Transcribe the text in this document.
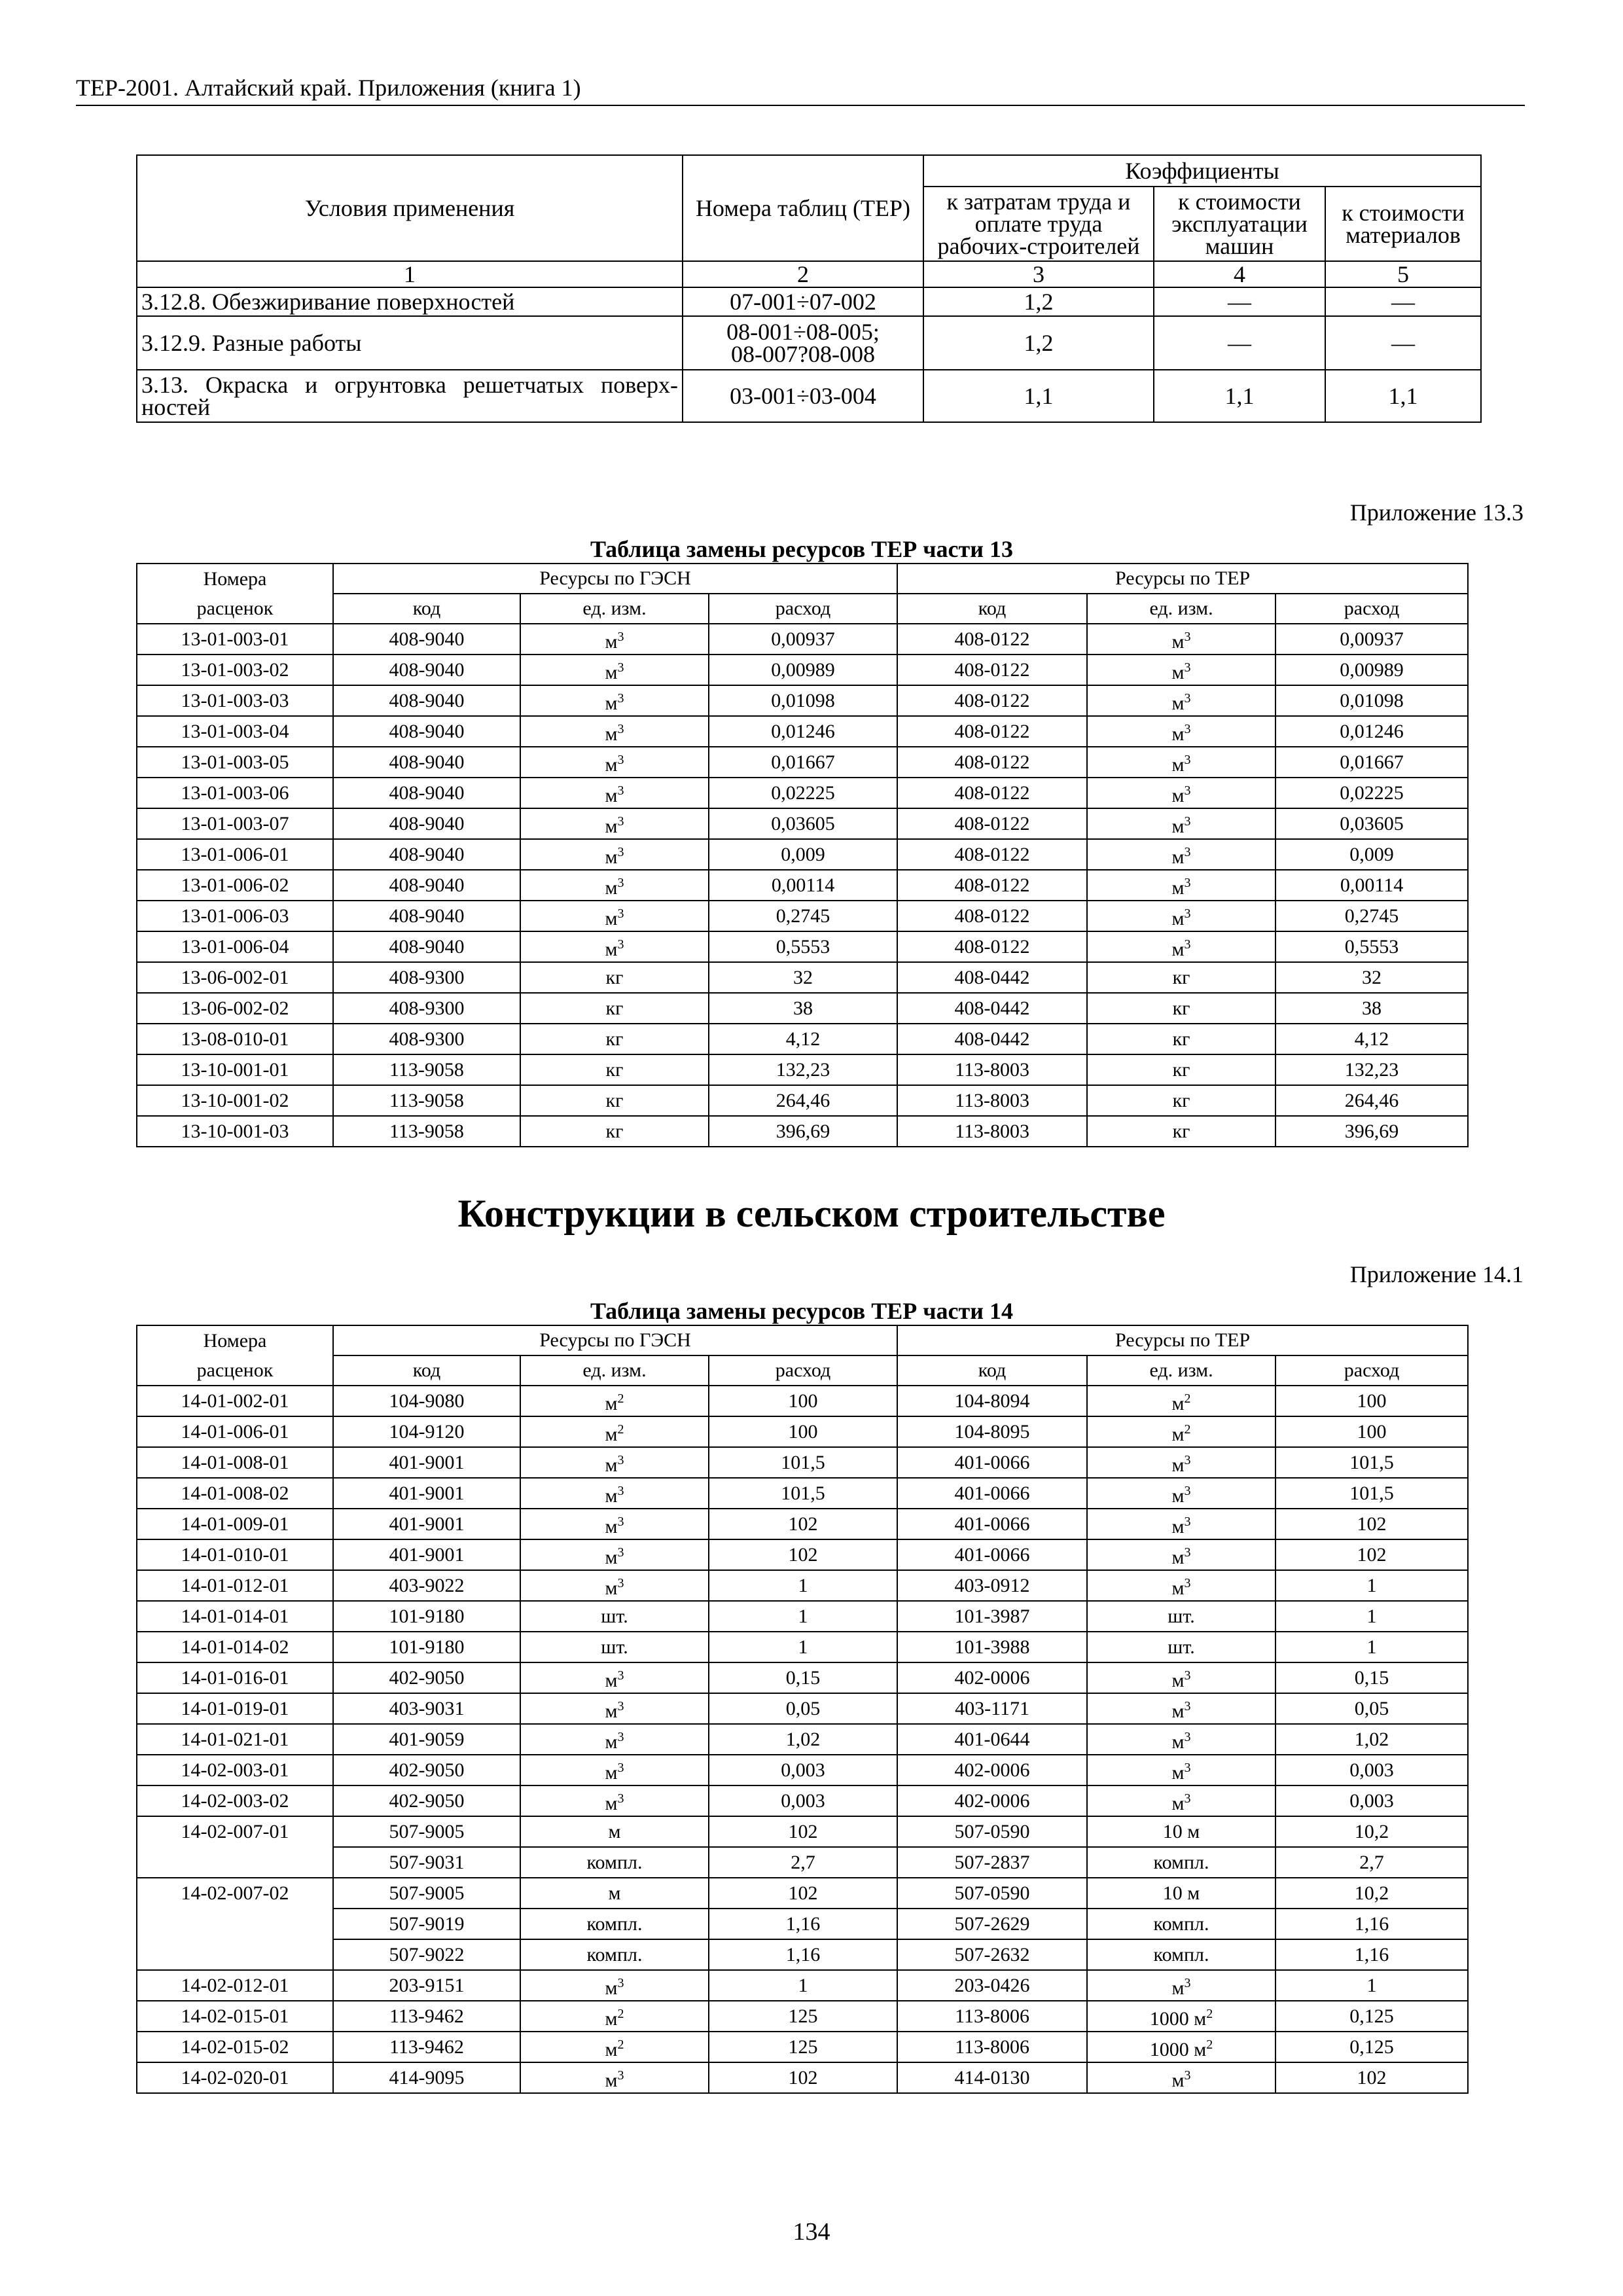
ТЕР-2001. Алтайский край. Приложения (книга 1)
Условия применения	Номера таблиц (ТЕР)	Коэффициенты		
		к затратам труда и оплате труда рабочих-строителей	к стоимости эксплуатации машин	к стоимости материалов
1	2	3	4	5
3.12.8. Обезжиривание поверхностей	07-001÷07-002	1,2	—	—
3.12.9. Разные работы	08-001÷08-005;
08-007?08-008	1,2	—	—
3.13. Окраска и огрунтовка решетчатых поверх-ностей	03-001÷03-004	1,1	1,1	1,1
Приложение 13.3
Таблица замены ресурсов ТЕР части 13
Номера	Ресурсы по ГЭСН			Ресурсы по ТЕР		
расценок	код	ед. изм.	расход	код	ед. изм.	расход
13-01-003-01	408-9040	$м^3$	0,00937	408-0122	$м^3$	0,00937
13-01-003-02	408-9040	$м^3$	0,00989	408-0122	$м^3$	0,00989
13-01-003-03	408-9040	$м^3$	0,01098	408-0122	$м^3$	0,01098
13-01-003-04	408-9040	$м^3$	0,01246	408-0122	$м^3$	0,01246
13-01-003-05	408-9040	$м^3$	0,01667	408-0122	$м^3$	0,01667
13-01-003-06	408-9040	$м^3$	0,02225	408-0122	$м^3$	0,02225
13-01-003-07	408-9040	$м^3$	0,03605	408-0122	$м^3$	0,03605
13-01-006-01	408-9040	$м^3$	0,009	408-0122	$м^3$	0,009
13-01-006-02	408-9040	$м^3$	0,00114	408-0122	$м^3$	0,00114
13-01-006-03	408-9040	$м^3$	0,2745	408-0122	$м^3$	0,2745
13-01-006-04	408-9040	$м^3$	0,5553	408-0122	$м^3$	0,5553
13-06-002-01	408-9300	кг	32	408-0442	кг	32
13-06-002-02	408-9300	кг	38	408-0442	кг	38
13-08-010-01	408-9300	кг	4,12	408-0442	кг	4,12
13-10-001-01	113-9058	кг	132,23	113-8003	кг	132,23
13-10-001-02	113-9058	кг	264,46	113-8003	кг	264,46
13-10-001-03	113-9058	кг	396,69	113-8003	кг	396,69
Конструкции в сельском строительстве
Приложение 14.1
Таблица замены ресурсов ТЕР части 14
Номера	Ресурсы по ГЭСН			Ресурсы по ТЕР		
расценок	код	ед. изм.	расход	код	ед. изм.	расход
14-01-002-01	104-9080	$м^2$	100	104-8094	$м^2$	100
14-01-006-01	104-9120	$м^2$	100	104-8095	$м^2$	100
14-01-008-01	401-9001	$м^3$	101,5	401-0066	$м^3$	101,5
14-01-008-02	401-9001	$м^3$	101,5	401-0066	$м^3$	101,5
14-01-009-01	401-9001	$м^3$	102	401-0066	$м^3$	102
14-01-010-01	401-9001	$м^3$	102	401-0066	$м^3$	102
14-01-012-01	403-9022	$м^3$	1	403-0912	$м^3$	1
14-01-014-01	101-9180	шт.	1	101-3987	шт.	1
14-01-014-02	101-9180	шт.	1	101-3988	шт.	1
14-01-016-01	402-9050	$м^3$	0,15	402-0006	$м^3$	0,15
14-01-019-01	403-9031	$м^3$	0,05	403-1171	$м^3$	0,05
14-01-021-01	401-9059	$м^3$	1,02	401-0644	$м^3$	1,02
14-02-003-01	402-9050	$м^3$	0,003	402-0006	$м^3$	0,003
14-02-003-02	402-9050	$м^3$	0,003	402-0006	$м^3$	0,003
14-02-007-01	507-9005	м	102	507-0590	10 м	10,2
	507-9031	компл.	2,7	507-2837	компл.	2,7
14-02-007-02	507-9005	м	102	507-0590	10 м	10,2
	507-9019	компл.	1,16	507-2629	компл.	1,16
	507-9022	компл.	1,16	507-2632	компл.	1,16
14-02-012-01	203-9151	$м^3$	1	203-0426	$м^3$	1
14-02-015-01	113-9462	$м^2$	125	113-8006	1000 $м^2$	0,125
14-02-015-02	113-9462	$м^2$	125	113-8006	1000 $м^2$	0,125
14-02-020-01	414-9095	$м^3$	102	414-0130	$м^3$	102
134
